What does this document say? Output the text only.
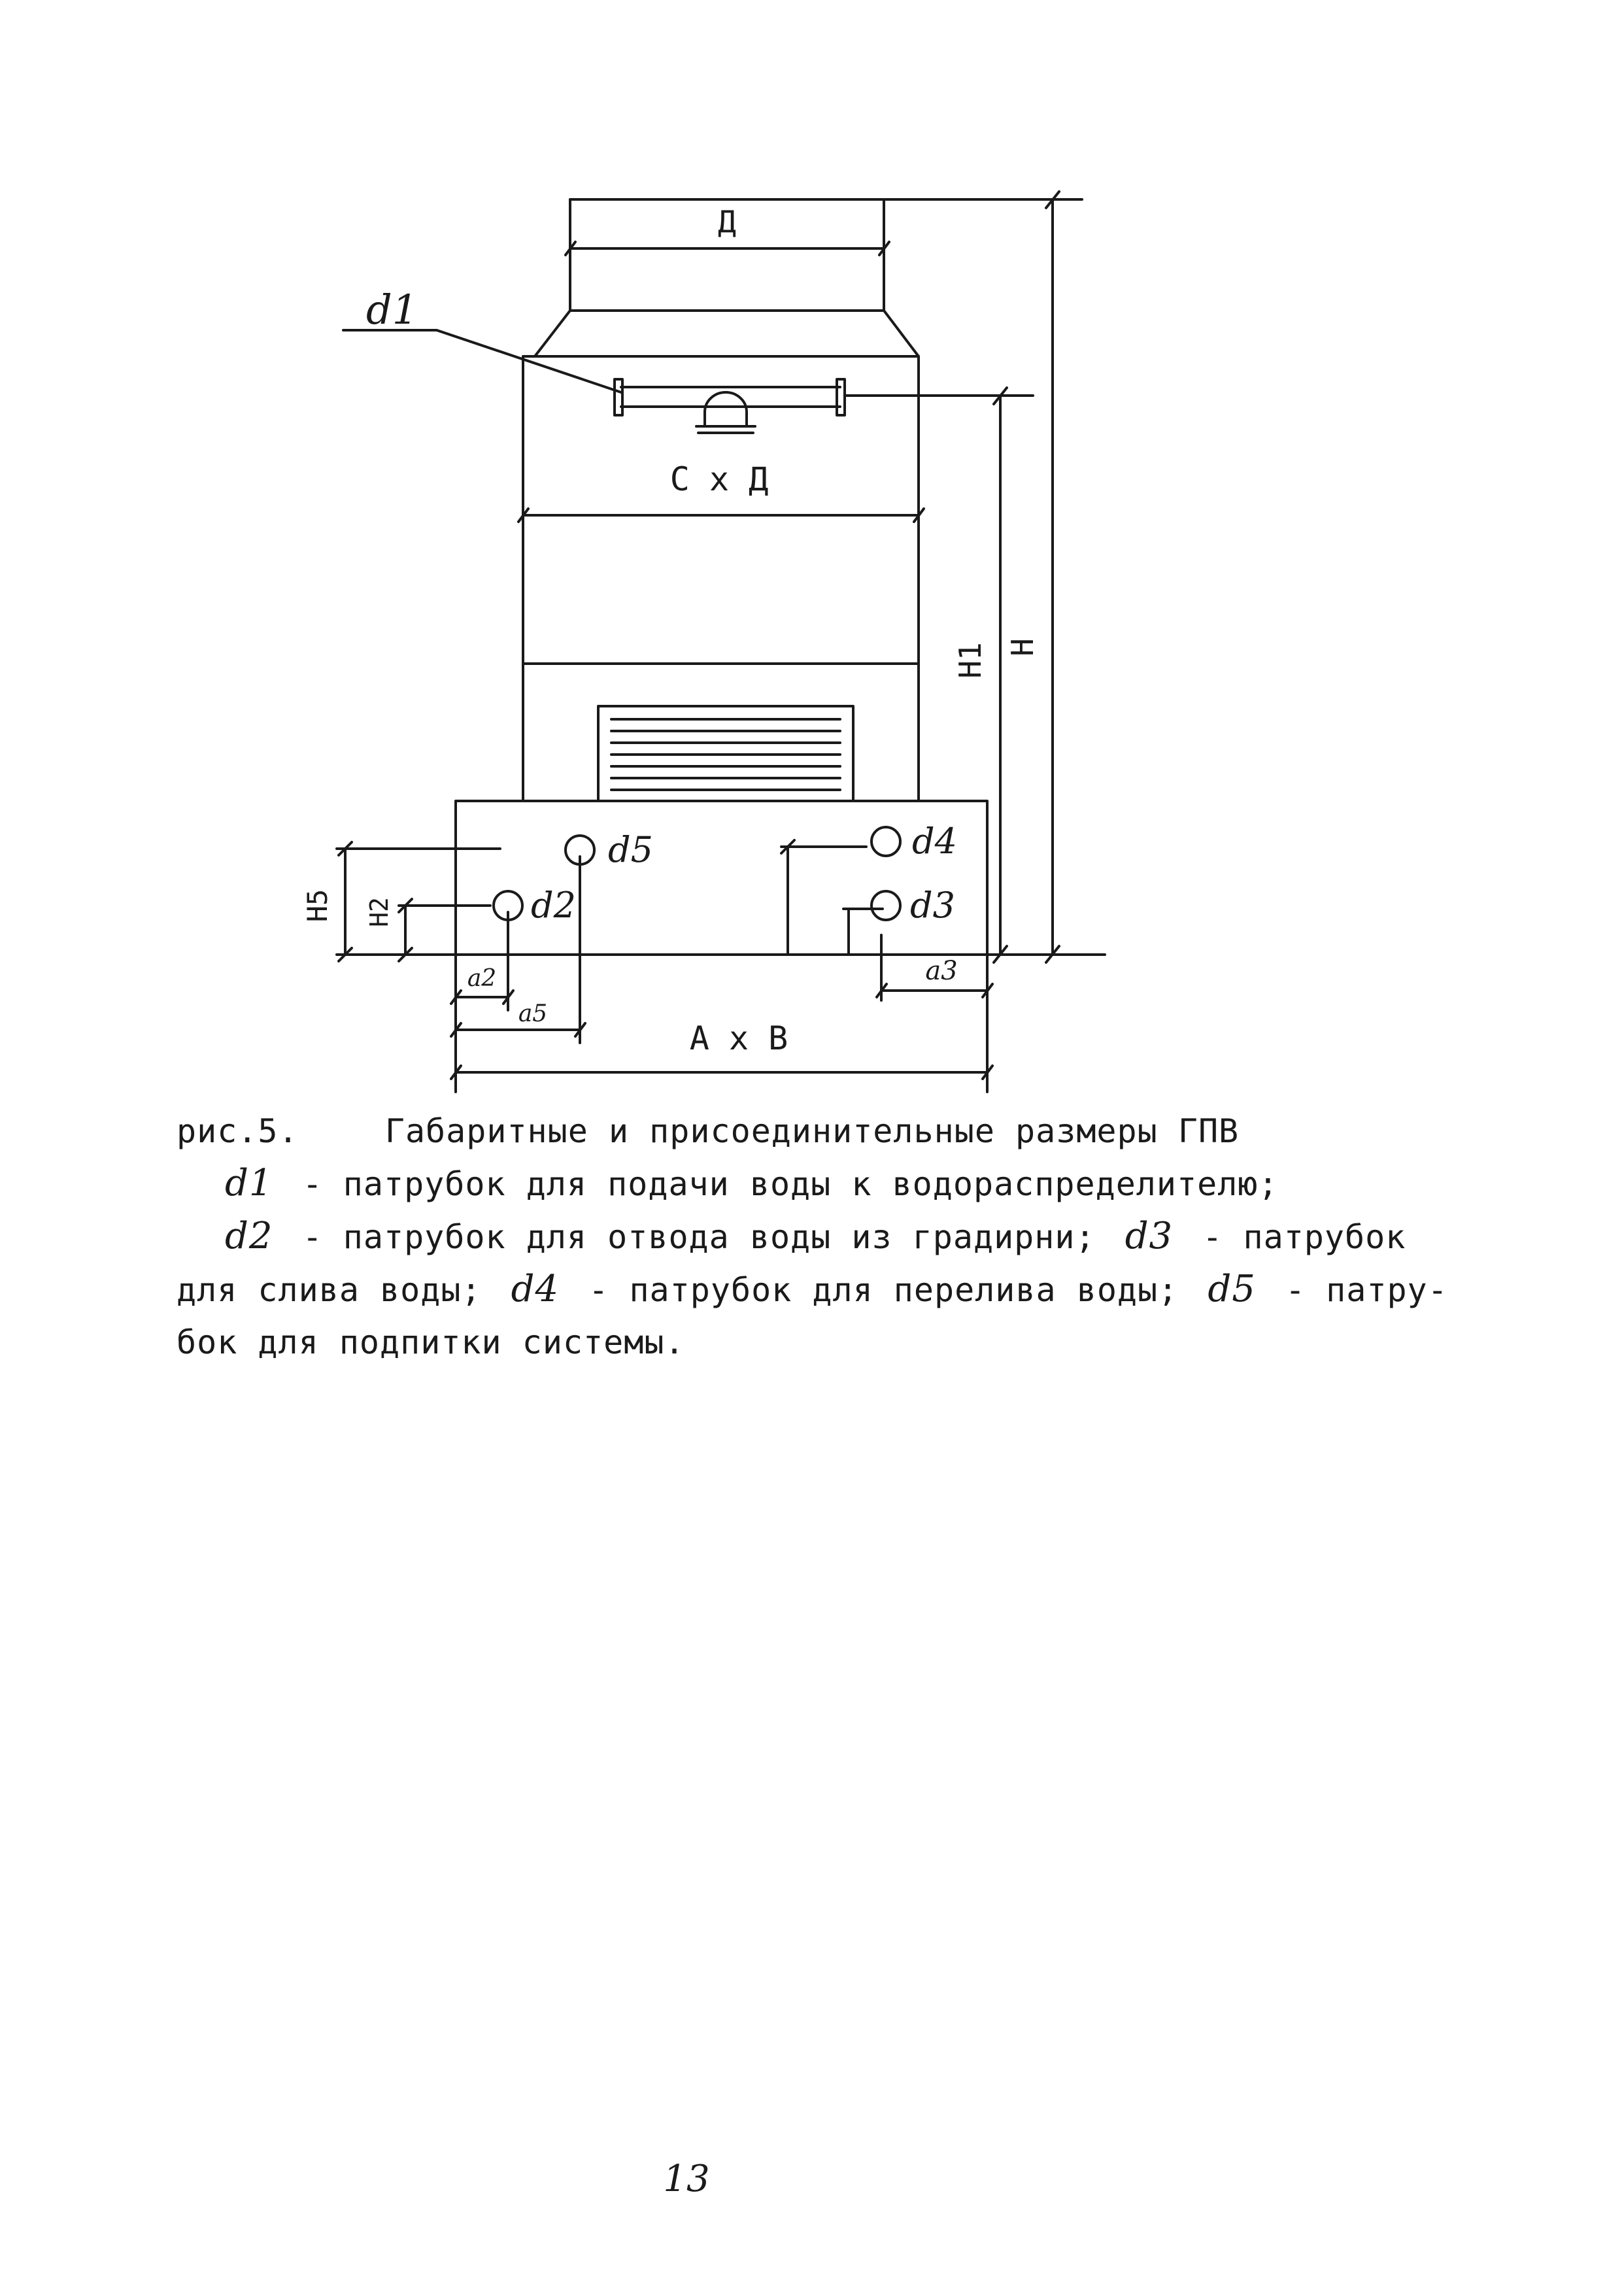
Д
С х Д
А х В
d1
d5	d4
d2	d3
a2
a5
a3
Н
Н1
Н5 Н2
рис.5.	Габаритные и присоединительные размеры ГПВ
d1 - патрубок для подачи воды к водораспределителю;
d2 - патрубок для отвода воды из градирни; d3 - патрубок
для слива воды; d4 - патрубок для перелива воды; d5 - патру-
бок для подпитки системы.
13
